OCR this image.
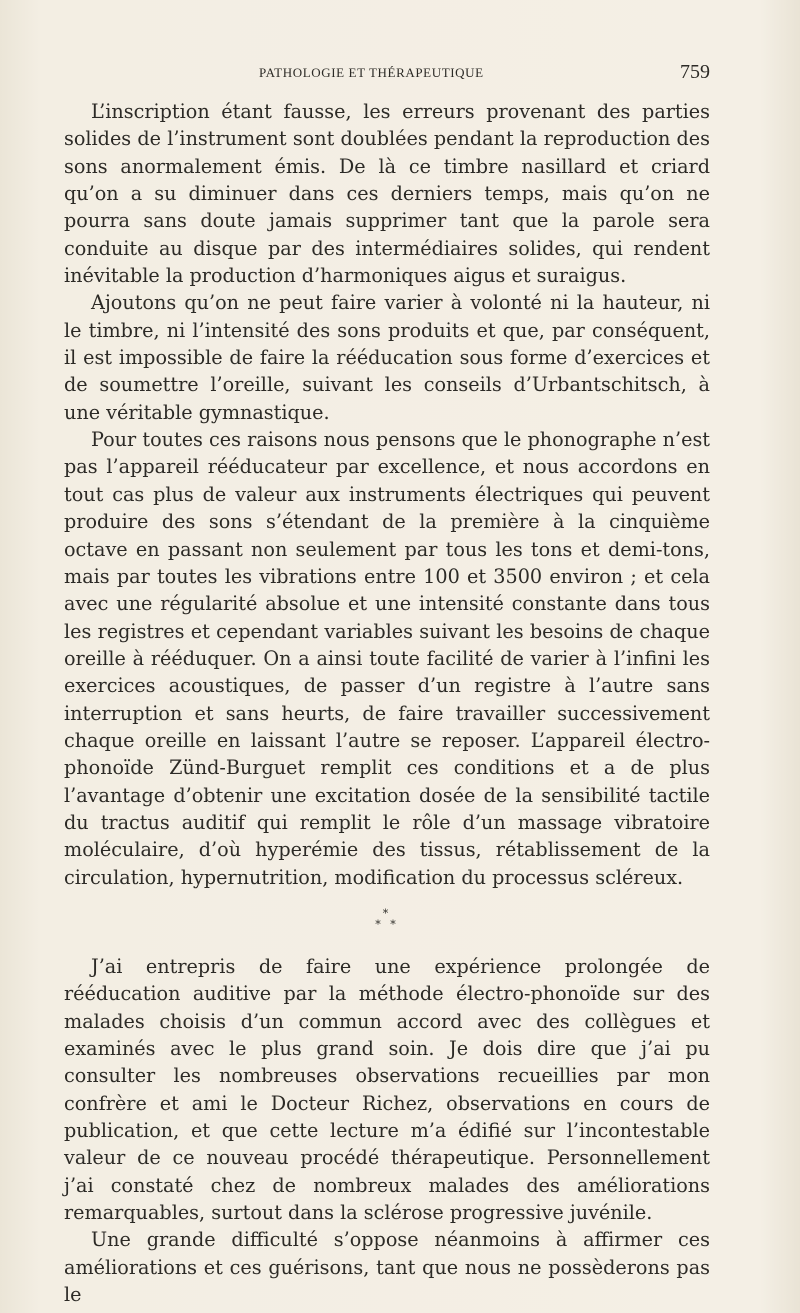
PATHOLOGIE ET THÉRAPEUTIQUE	759

L’inscription étant fausse, les erreurs provenant des parties solides de l’instrument sont doublées pendant la reproduction des sons anormalement émis. De là ce timbre nasillard et criard qu’on a su diminuer dans ces derniers temps, mais qu’on ne pourra sans doute jamais supprimer tant que la parole sera conduite au disque par des intermédiaires solides, qui rendent inévitable la production d’harmoniques aigus et suraigus.

Ajoutons qu’on ne peut faire varier à volonté ni la hauteur, ni le timbre, ni l’intensité des sons produits et que, par conséquent, il est impossible de faire la rééducation sous forme d’exercices et de soumettre l’oreille, suivant les conseils d’Urbantschitsch, à une véritable gymnastique.

Pour toutes ces raisons nous pensons que le phonographe n’est pas l’appareil rééducateur par excellence, et nous accordons en tout cas plus de valeur aux instruments électriques qui peuvent produire des sons s’étendant de la première à la cinquième octave en passant non seulement par tous les tons et demi-tons, mais par toutes les vibrations entre 100 et 3500 environ ; et cela avec une régularité absolue et une intensité constante dans tous les registres et cependant variables suivant les besoins de chaque oreille à rééduquer. On a ainsi toute facilité de varier à l’infini les exercices acoustiques, de passer d’un registre à l’autre sans interruption et sans heurts, de faire travailler successivement chaque oreille en laissant l’autre se reposer. L’appareil électro-phonoïde Zünd-Burguet remplit ces conditions et a de plus l’avantage d’obtenir une excitation dosée de la sensibilité tactile du tractus auditif qui remplit le rôle d’un massage vibratoire moléculaire, d’où hyperémie des tissus, rétablissement de la circulation, hypernutrition, modification du processus scléreux.

*
* *

J’ai entrepris de faire une expérience prolongée de rééducation auditive par la méthode électro-phonoïde sur des malades choisis d’un commun accord avec des collègues et examinés avec le plus grand soin. Je dois dire que j’ai pu consulter les nombreuses observations recueillies par mon confrère et ami le Docteur Richez, observations en cours de publication, et que cette lecture m’a édifié sur l’incontestable valeur de ce nouveau procédé thérapeutique. Personnellement j’ai constaté chez de nombreux malades des améliorations remarquables, surtout dans la sclérose progressive juvénile.

Une grande difficulté s’oppose néanmoins à affirmer ces améliorations et ces guérisons, tant que nous ne possèderons pas le
